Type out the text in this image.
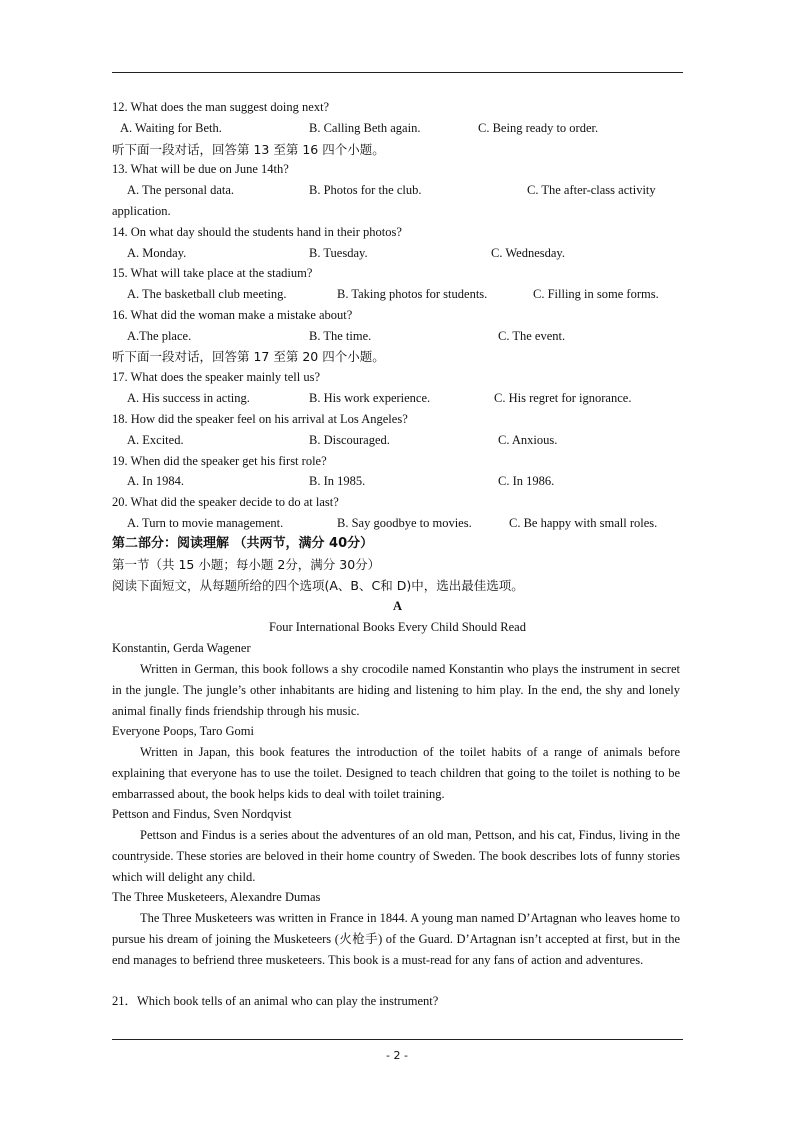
12. What does the man suggest doing next?
A. Waiting for Beth.	B. Calling Beth again.	C. Being ready to order.
听下面一段对话，回答第 13 至第 16 四个小题。
13. What will be due on June 14th?
A. The personal data.	B. Photos for the club.	C. The after-class activity
application.
14. On what day should the students hand in their photos?
A. Monday.	B. Tuesday.	C. Wednesday.
15. What will take place at the stadium?
A. The basketball club meeting.	B. Taking photos for students.	C. Filling in some forms.
16. What did the woman make a mistake about?
A.The place.	B. The time.	C. The event.
听下面一段对话，回答第 17 至第 20 四个小题。
17. What does the speaker mainly tell us?
A. His success in acting.	B. His work experience.	C. His regret for ignorance.
18. How did the speaker feel on his arrival at Los Angeles?
A. Excited.	B. Discouraged.	C. Anxious.
19. When did the speaker get his first role?
A. In 1984.	B. In 1985.	C. In 1986.
20. What did the speaker decide to do at last?
A. Turn to movie management.	B. Say goodbye to movies.	C. Be happy with small roles.
第二部分：阅读理解 （共两节，满分 40分）
第一节（共 15 小题；每小题 2分，满分 30分）
阅读下面短文，从每题所给的四个选项(A、B、C和 D)中，选出最佳选项。
A
Four International Books Every Child Should Read
Konstantin, Gerda Wagener
Written in German, this book follows a shy crocodile named Konstantin who plays the instrument in secret in the jungle. The jungle’s other inhabitants are hiding and listening to him play. In the end, the shy and lonely animal finally finds friendship through his music.
Everyone Poops, Taro Gomi
Written in Japan, this book features the introduction of the toilet habits of a range of animals before explaining that everyone has to use the toilet. Designed to teach children that going to the toilet is nothing to be embarrassed about, the book helps kids to deal with toilet training.
Pettson and Findus, Sven Nordqvist
Pettson and Findus is a series about the adventures of an old man, Pettson, and his cat, Findus, living in the countryside. These stories are beloved in their home country of Sweden. The book describes lots of funny stories which will delight any child.
The Three Musketeers, Alexandre Dumas
The Three Musketeers was written in France in 1844. A young man named D’Artagnan who leaves home to pursue his dream of joining the Musketeers (火枪手) of the Guard. D’Artagnan isn’t accepted at first, but in the end manages to befriend three musketeers. This book is a must-read for any fans of action and adventures.
21．Which book tells of an animal who can play the instrument?
- 2 -
